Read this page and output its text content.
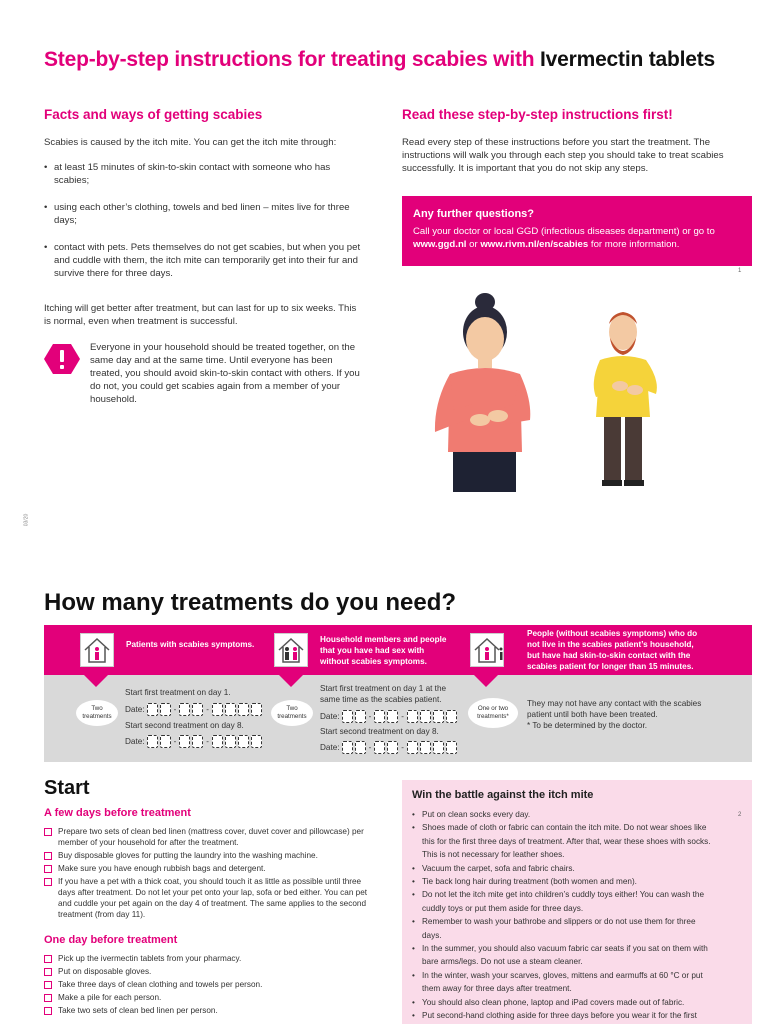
Step-by-step instructions for treating scabies with Ivermectin tablets
Facts and ways of getting scabies
Scabies is caused by the itch mite. You can get the itch mite through:
• at least 15 minutes of skin-to-skin contact with someone who has scabies;
• using each other’s clothing, towels and bed linen – mites live for three days;
• contact with pets. Pets themselves do not get scabies, but when you pet and cuddle with them, the itch mite can temporarily get into their fur and survive there for three days.
Itching will get better after treatment, but can last for up to six weeks. This is normal, even when treatment is successful.
Everyone in your household should be treated together, on the same day and at the same time. Until everyone has been treated, you should avoid skin-to-skin contact with others. If you do not, you could get scabies again from a member of your household.
Read these step-by-step instructions first!
Read every step of these instructions before you start the treatment. The instructions will walk you through each step you should take to treat scabies successfully. It is important that you do not skip any steps.
Any further questions?
Call your doctor or local GGD (infectious diseases department) or go to www.ggd.nl or www.rivm.nl/en/scabies for more information.
1
03/20
How many treatments do you need?
Patients with scabies symptoms.
Two treatments
Start first treatment on day 1.
Date:	-	-
Start second treatment on day 8.
Date:	-	-
Household members and people that you have had sex with without scabies symptoms.
Two treatments
Start first treatment on day 1 at the same time as the scabies patient.
Date:	-	-
Start second treatment on day 8.
Date:	-	-
People (without scabies symptoms) who do not live in the scabies patient’s household, but have had skin-to-skin contact with the scabies patient for longer than 15 minutes.
One or two treatments*
They may not have any contact with the scabies patient until both have been treated.
* To be determined by the doctor.
Start
A few days before treatment
Prepare two sets of clean bed linen (mattress cover, duvet cover and pillowcase) per member of your household for after the treatment.
Buy disposable gloves for putting the laundry into the washing machine.
Make sure you have enough rubbish bags and detergent.
If you have a pet with a thick coat, you should touch it as little as possible until three days after treatment. Do not let your pet onto your lap, sofa or bed either. You can pet and cuddle your pet again on the day 4 of treatment. The same applies to the second treatment (from day 11).
One day before treatment
Pick up the ivermectin tablets from your pharmacy.
Put on disposable gloves.
Take three days of clean clothing and towels per person.
Make a pile for each person.
Take two sets of clean bed linen per person.
Win the battle against the itch mite
• Put on clean socks every day.
• Shoes made of cloth or fabric can contain the itch mite. Do not wear shoes like
this for the first three days of treatment. After that, wear these shoes with socks.
This is not necessary for leather shoes.
• Vacuum the carpet, sofa and fabric chairs.
• Tie back long hair during treatment (both women and men).
• Do not let the itch mite get into children’s cuddly toys either! You can wash the
cuddly toys or put them aside for three days.
• Remember to wash your bathrobe and slippers or do not use them for three
days.
• In the summer, you should also vacuum fabric car seats if you sat on them with
bare arms/legs. Do not use a steam cleaner.
• In the winter, wash your scarves, gloves, mittens and earmuffs at 60 °C or put
them away for three days after treatment.
• You should also clean phone, laptop and iPad covers made out of fabric.
• Put second-hand clothing aside for three days before you wear it for the first
2
